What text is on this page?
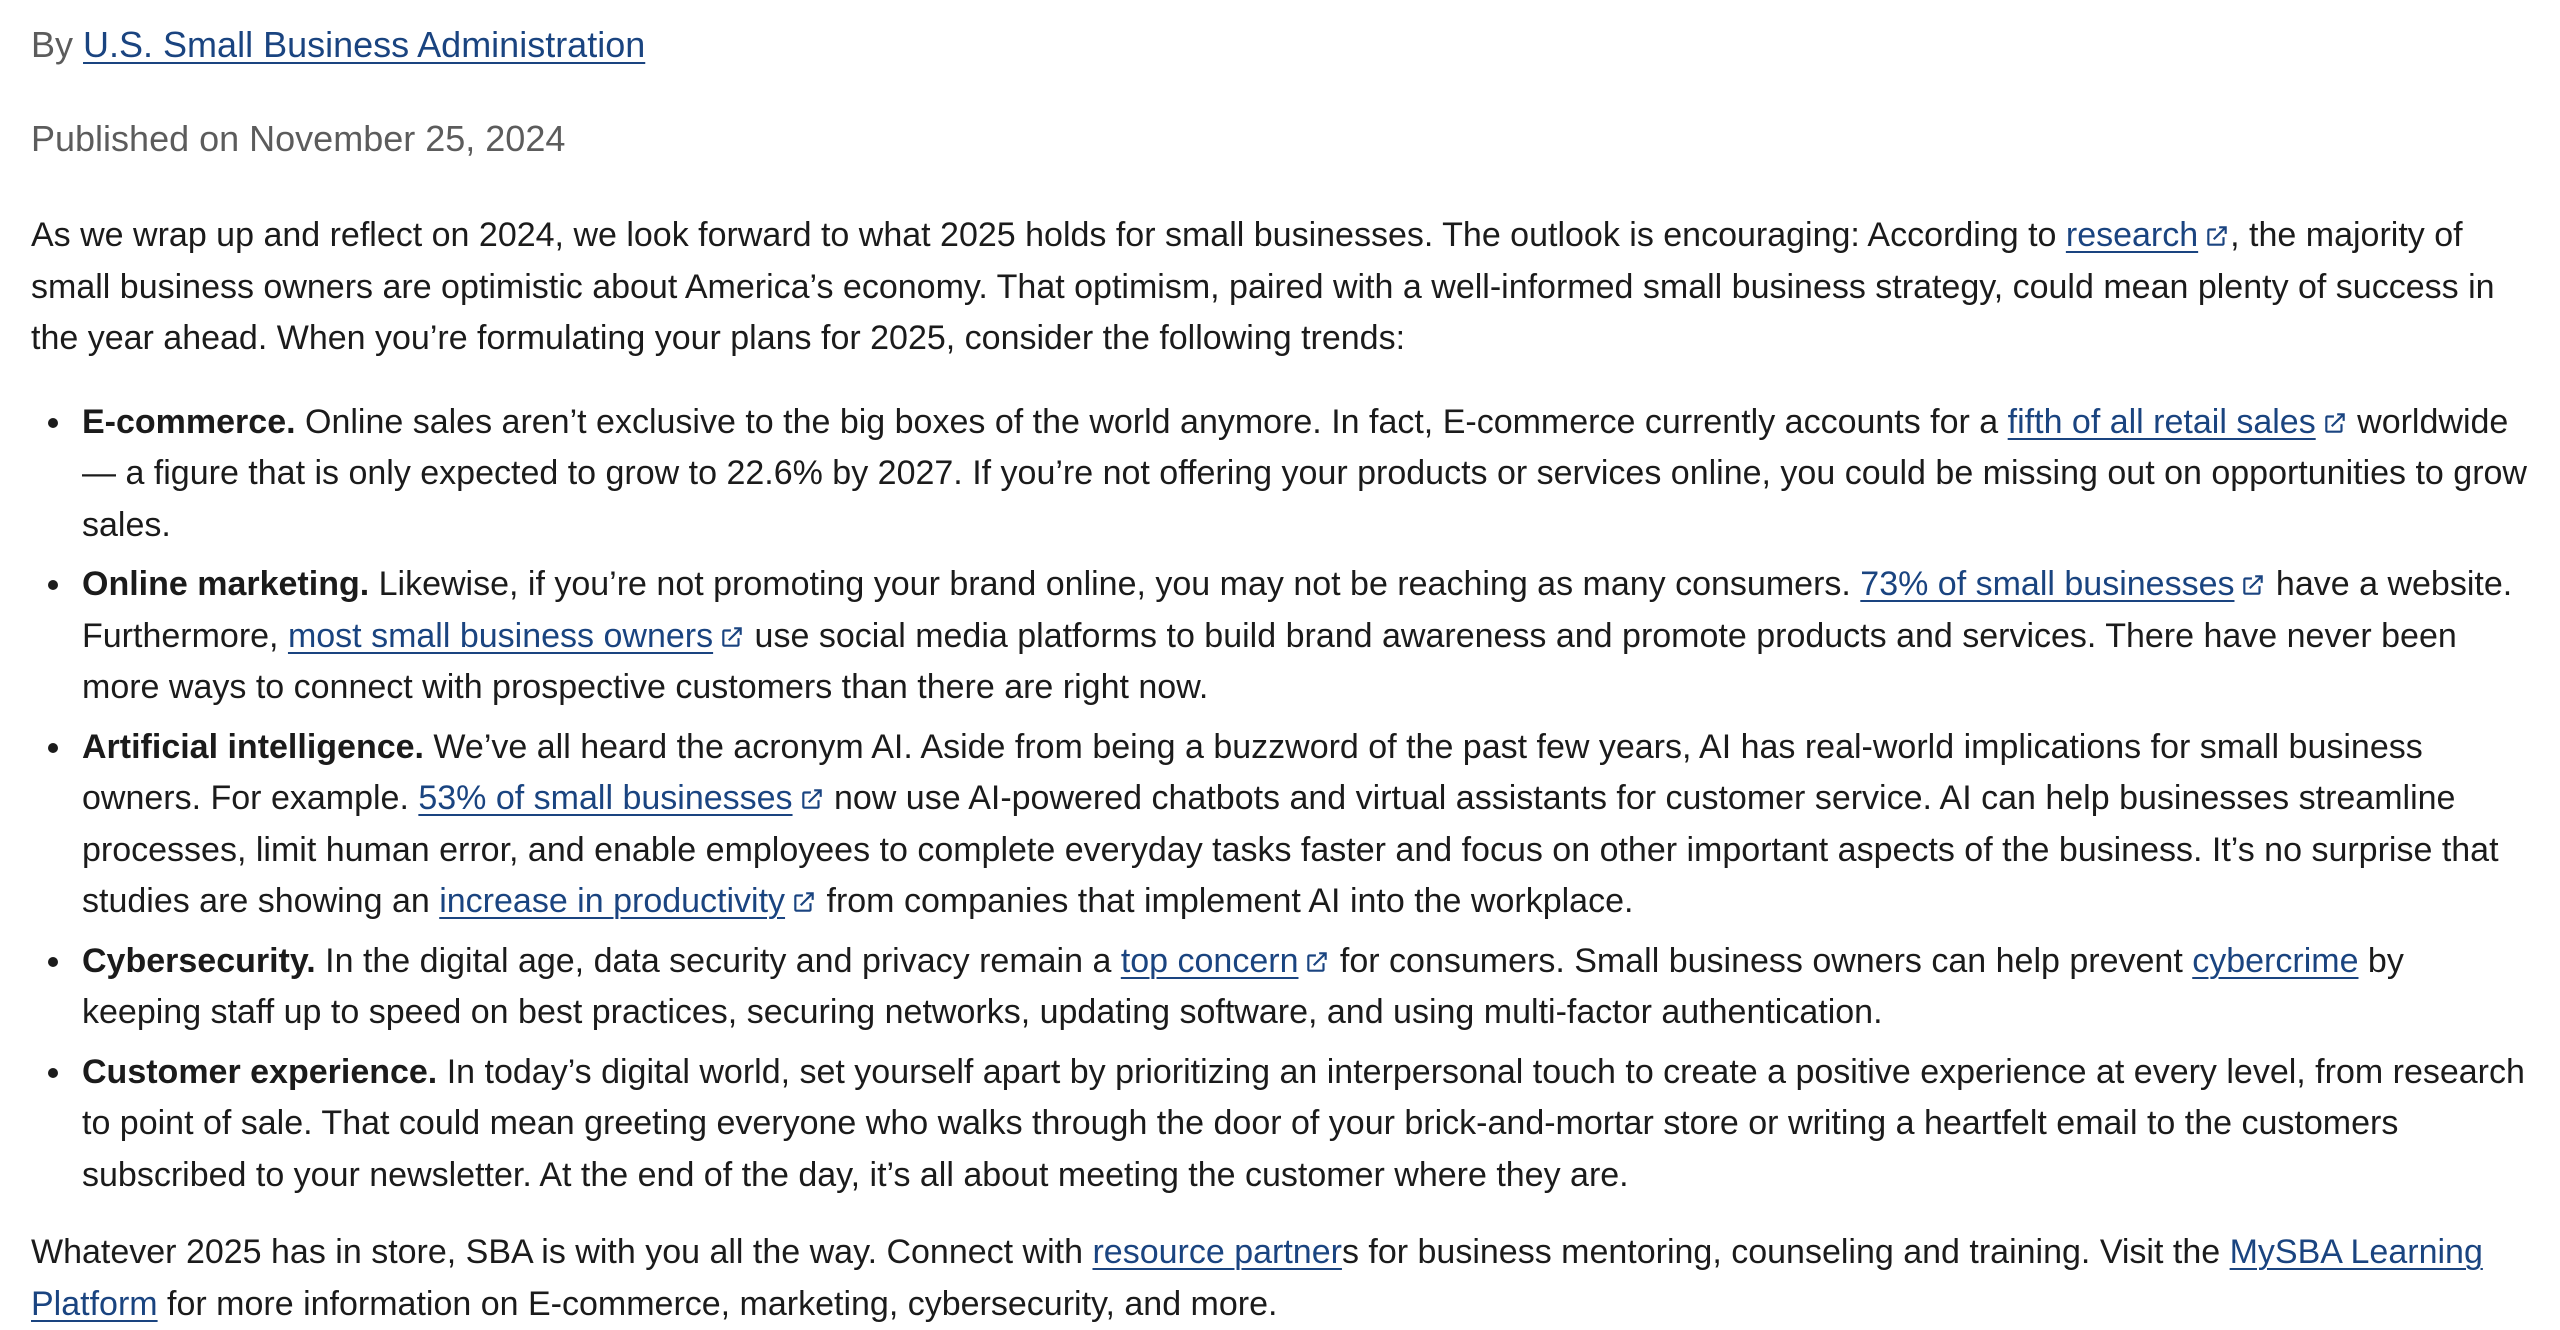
By U.S. Small Business Administration

Published on November 25, 2024

As we wrap up and reflect on 2024, we look forward to what 2025 holds for small businesses. The outlook is encouraging: According to research , the majority of small business owners are optimistic about America’s economy. That optimism, paired with a well-informed small business strategy, could mean plenty of success in the year ahead. When you’re formulating your plans for 2025, consider the following trends:

E-commerce. Online sales aren’t exclusive to the big boxes of the world anymore. In fact, E-commerce currently accounts for a fifth of all retail sales
worldwide — a figure that is only expected to grow to 22.6% by 2027. If you’re not offering your products or services online, you could be missing out on opportunities to grow sales.
Online marketing. Likewise, if you’re not promoting your brand online, you may not be reaching as many consumers. 73% of small businesses
have a website. Furthermore, most small business owners
use social media platforms to build brand awareness and promote products and services. There have never been more ways to connect with prospective customers than there are right now.
Artificial intelligence. We’ve all heard the acronym AI. Aside from being a buzzword of the past few years, AI has real-world implications for small business owners. For example. 53% of small businesses
now use AI-powered chatbots and virtual assistants for customer service. AI can help businesses streamline processes, limit human error, and enable employees to complete everyday tasks faster and focus on other important aspects of the business. It’s no surprise that studies are showing an increase in productivity
from companies that implement AI into the workplace.
Cybersecurity. In the digital age, data security and privacy remain a top concern
for consumers. Small business owners can help prevent cybercrime by keeping staff up to speed on best practices, securing networks, updating software, and using multi-factor authentication.
Customer experience. In today’s digital world, set yourself apart by prioritizing an interpersonal touch to create a positive experience at every level, from research to point of sale. That could mean greeting everyone who walks through the door of your brick-and-mortar store or writing a heartfelt email to the customers subscribed to your newsletter. At the end of the day, it’s all about meeting the customer where they are.

Whatever 2025 has in store, SBA is with you all the way. Connect with resource partners for business mentoring, counseling and training. Visit the MySBA Learning Platform for more information on E-commerce, marketing, cybersecurity, and more.
